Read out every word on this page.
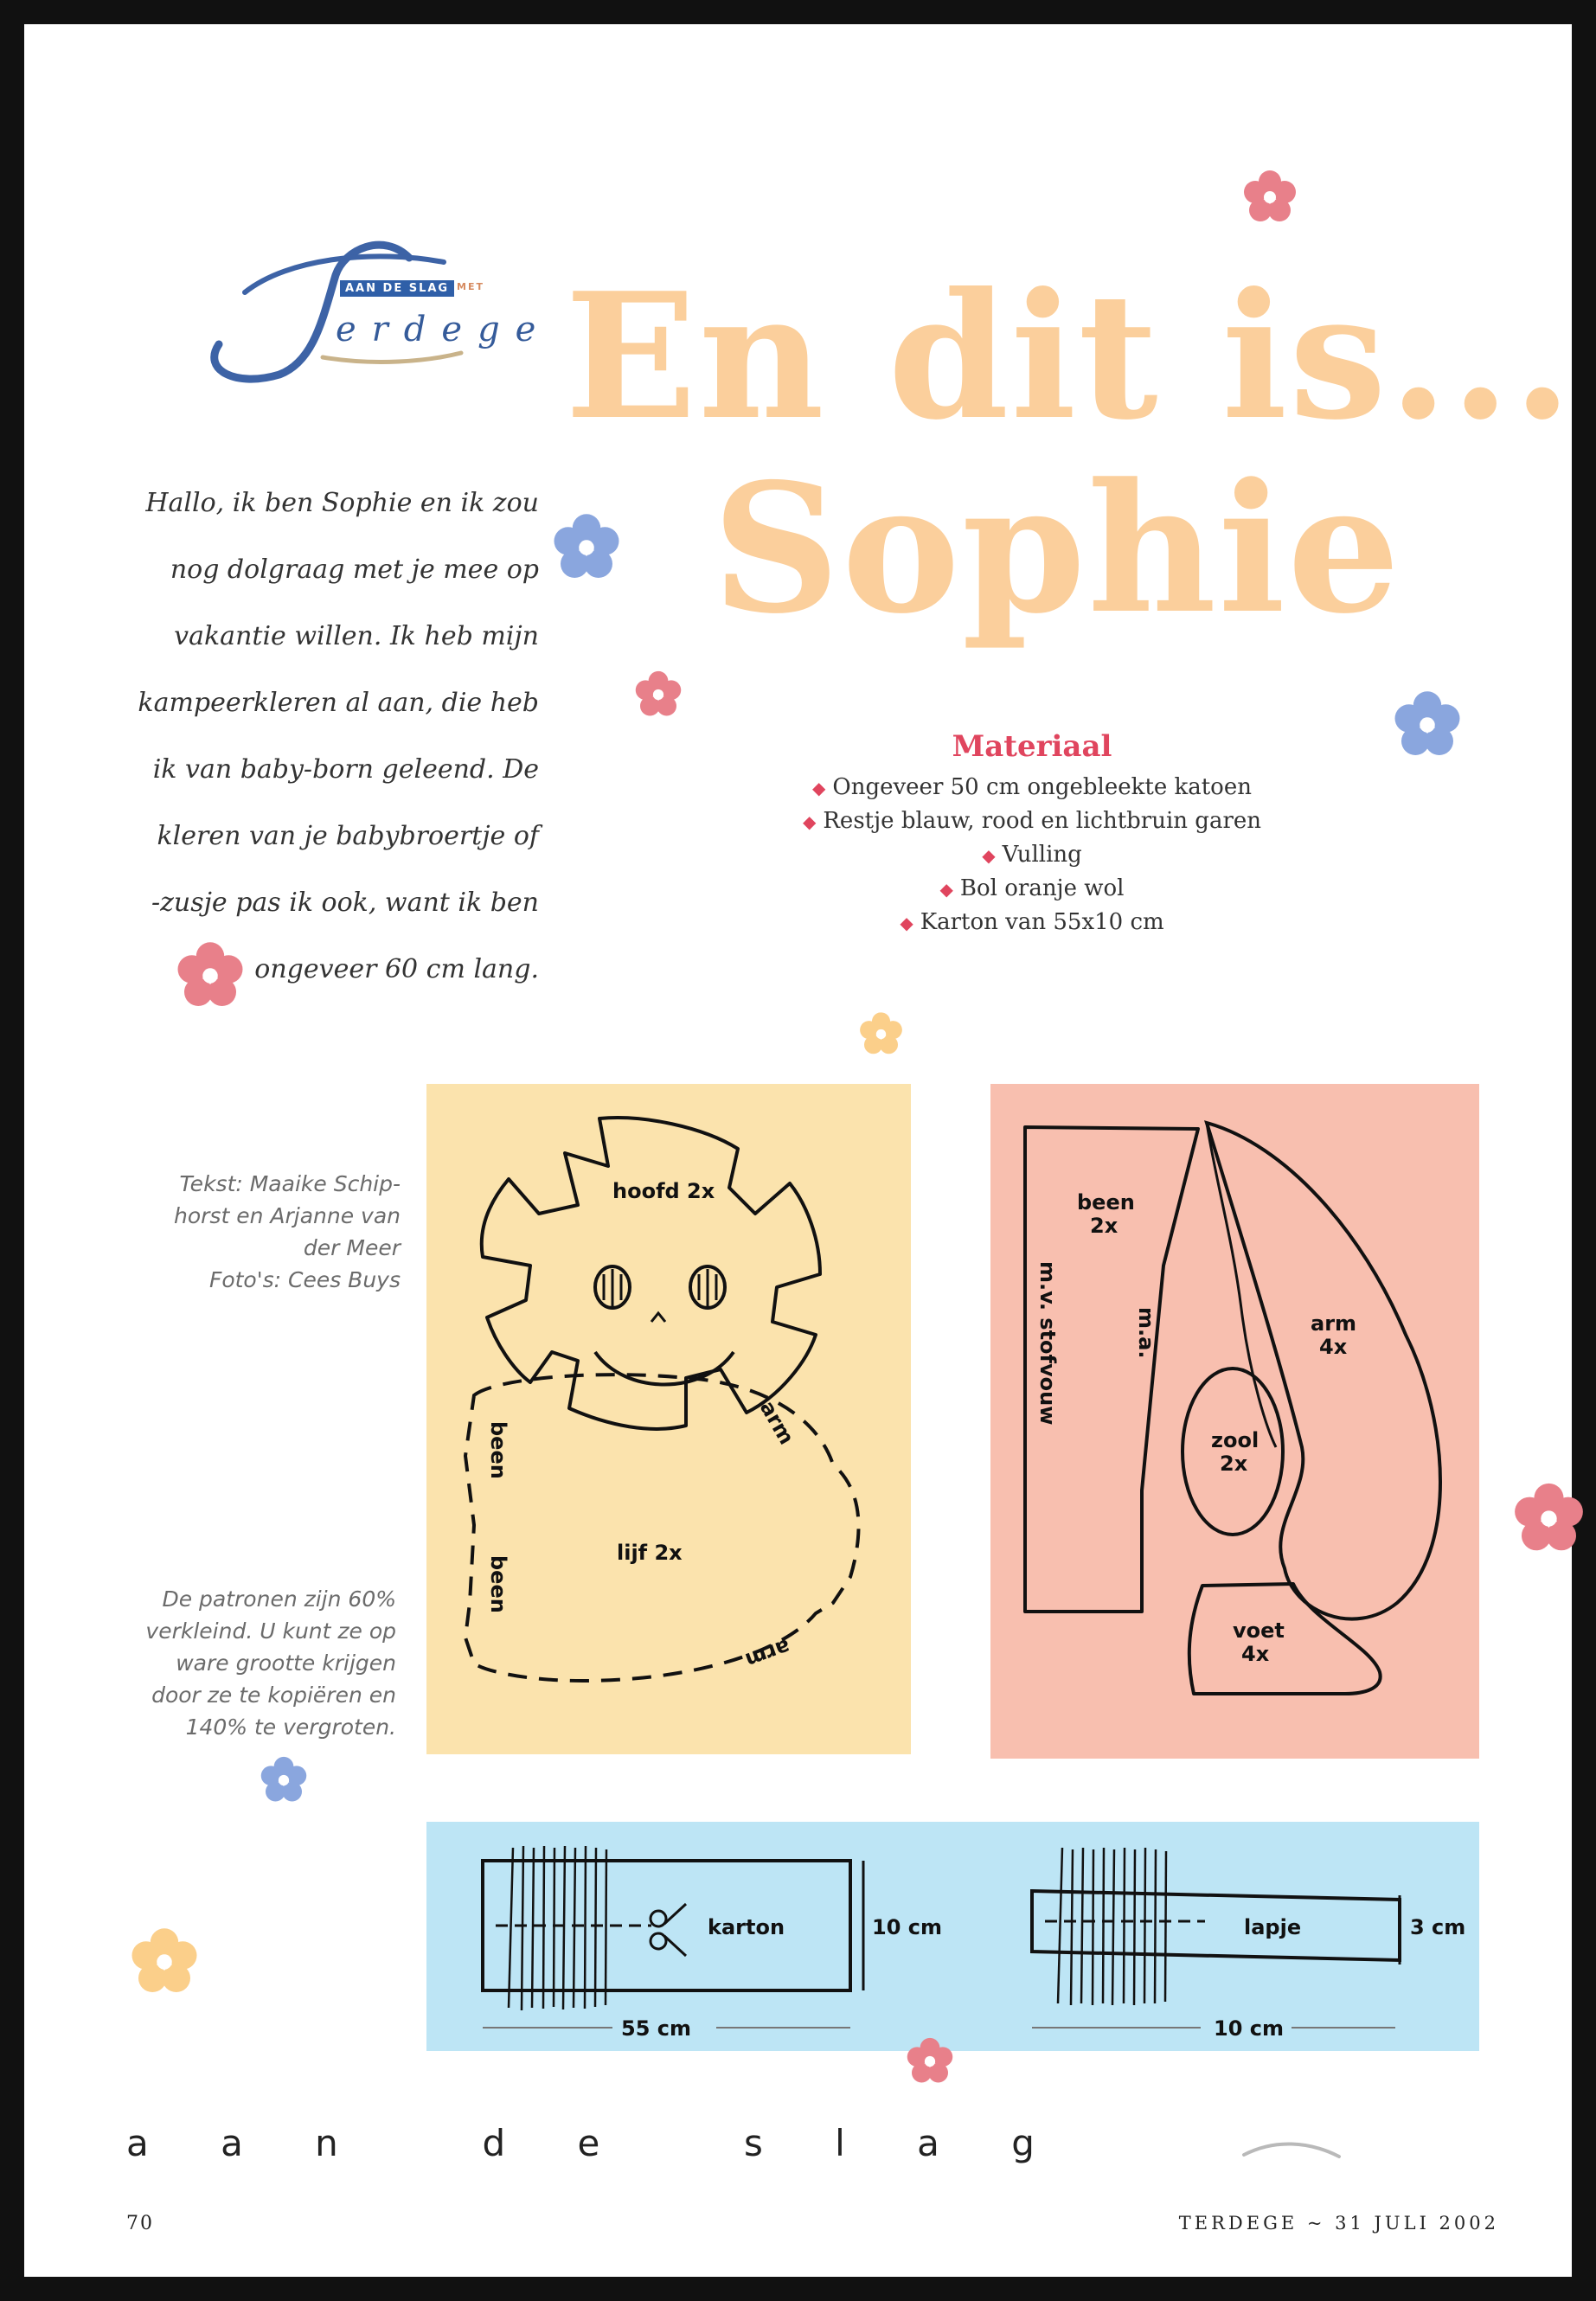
AAN DE SLAG MET
erdege En dit is...
Sophie

Hallo, ik ben Sophie en ik zou

nog dolgraag met je mee op

vakantie willen. Ik heb mijn

kampeerkleren al aan, die heb

ik van baby-born geleend. De

kleren van je babybroertje of

-zusje pas ik ook, want ik ben

ongeveer 60 cm lang.

Materiaal
◆ Ongeveer 50 cm ongebleekte katoen
◆ Restje blauw, rood en lichtbruin garen
◆ Vulling
◆ Bol oranje wol
◆ Karton van 55x10 cm
Tekst: Maaike Schip-
horst en Arjanne van
der Meer
Foto's: Cees Buys
De patronen zijn 60%
verkleind. U kunt ze op
ware grootte krijgen
door ze te kopiëren en
140% te vergroten.
hoofd 2x
lijf 2x
arm
arm
been
been
been
2x
arm
4x
zool
2x
voet
4x
m.v. stofvouw	m.a.
karton	10 cm
55 cm
lapje	3 cm
10 cm
a a n	d e	s l a g
70	TERDEGE ~ 31 JULI 2002
